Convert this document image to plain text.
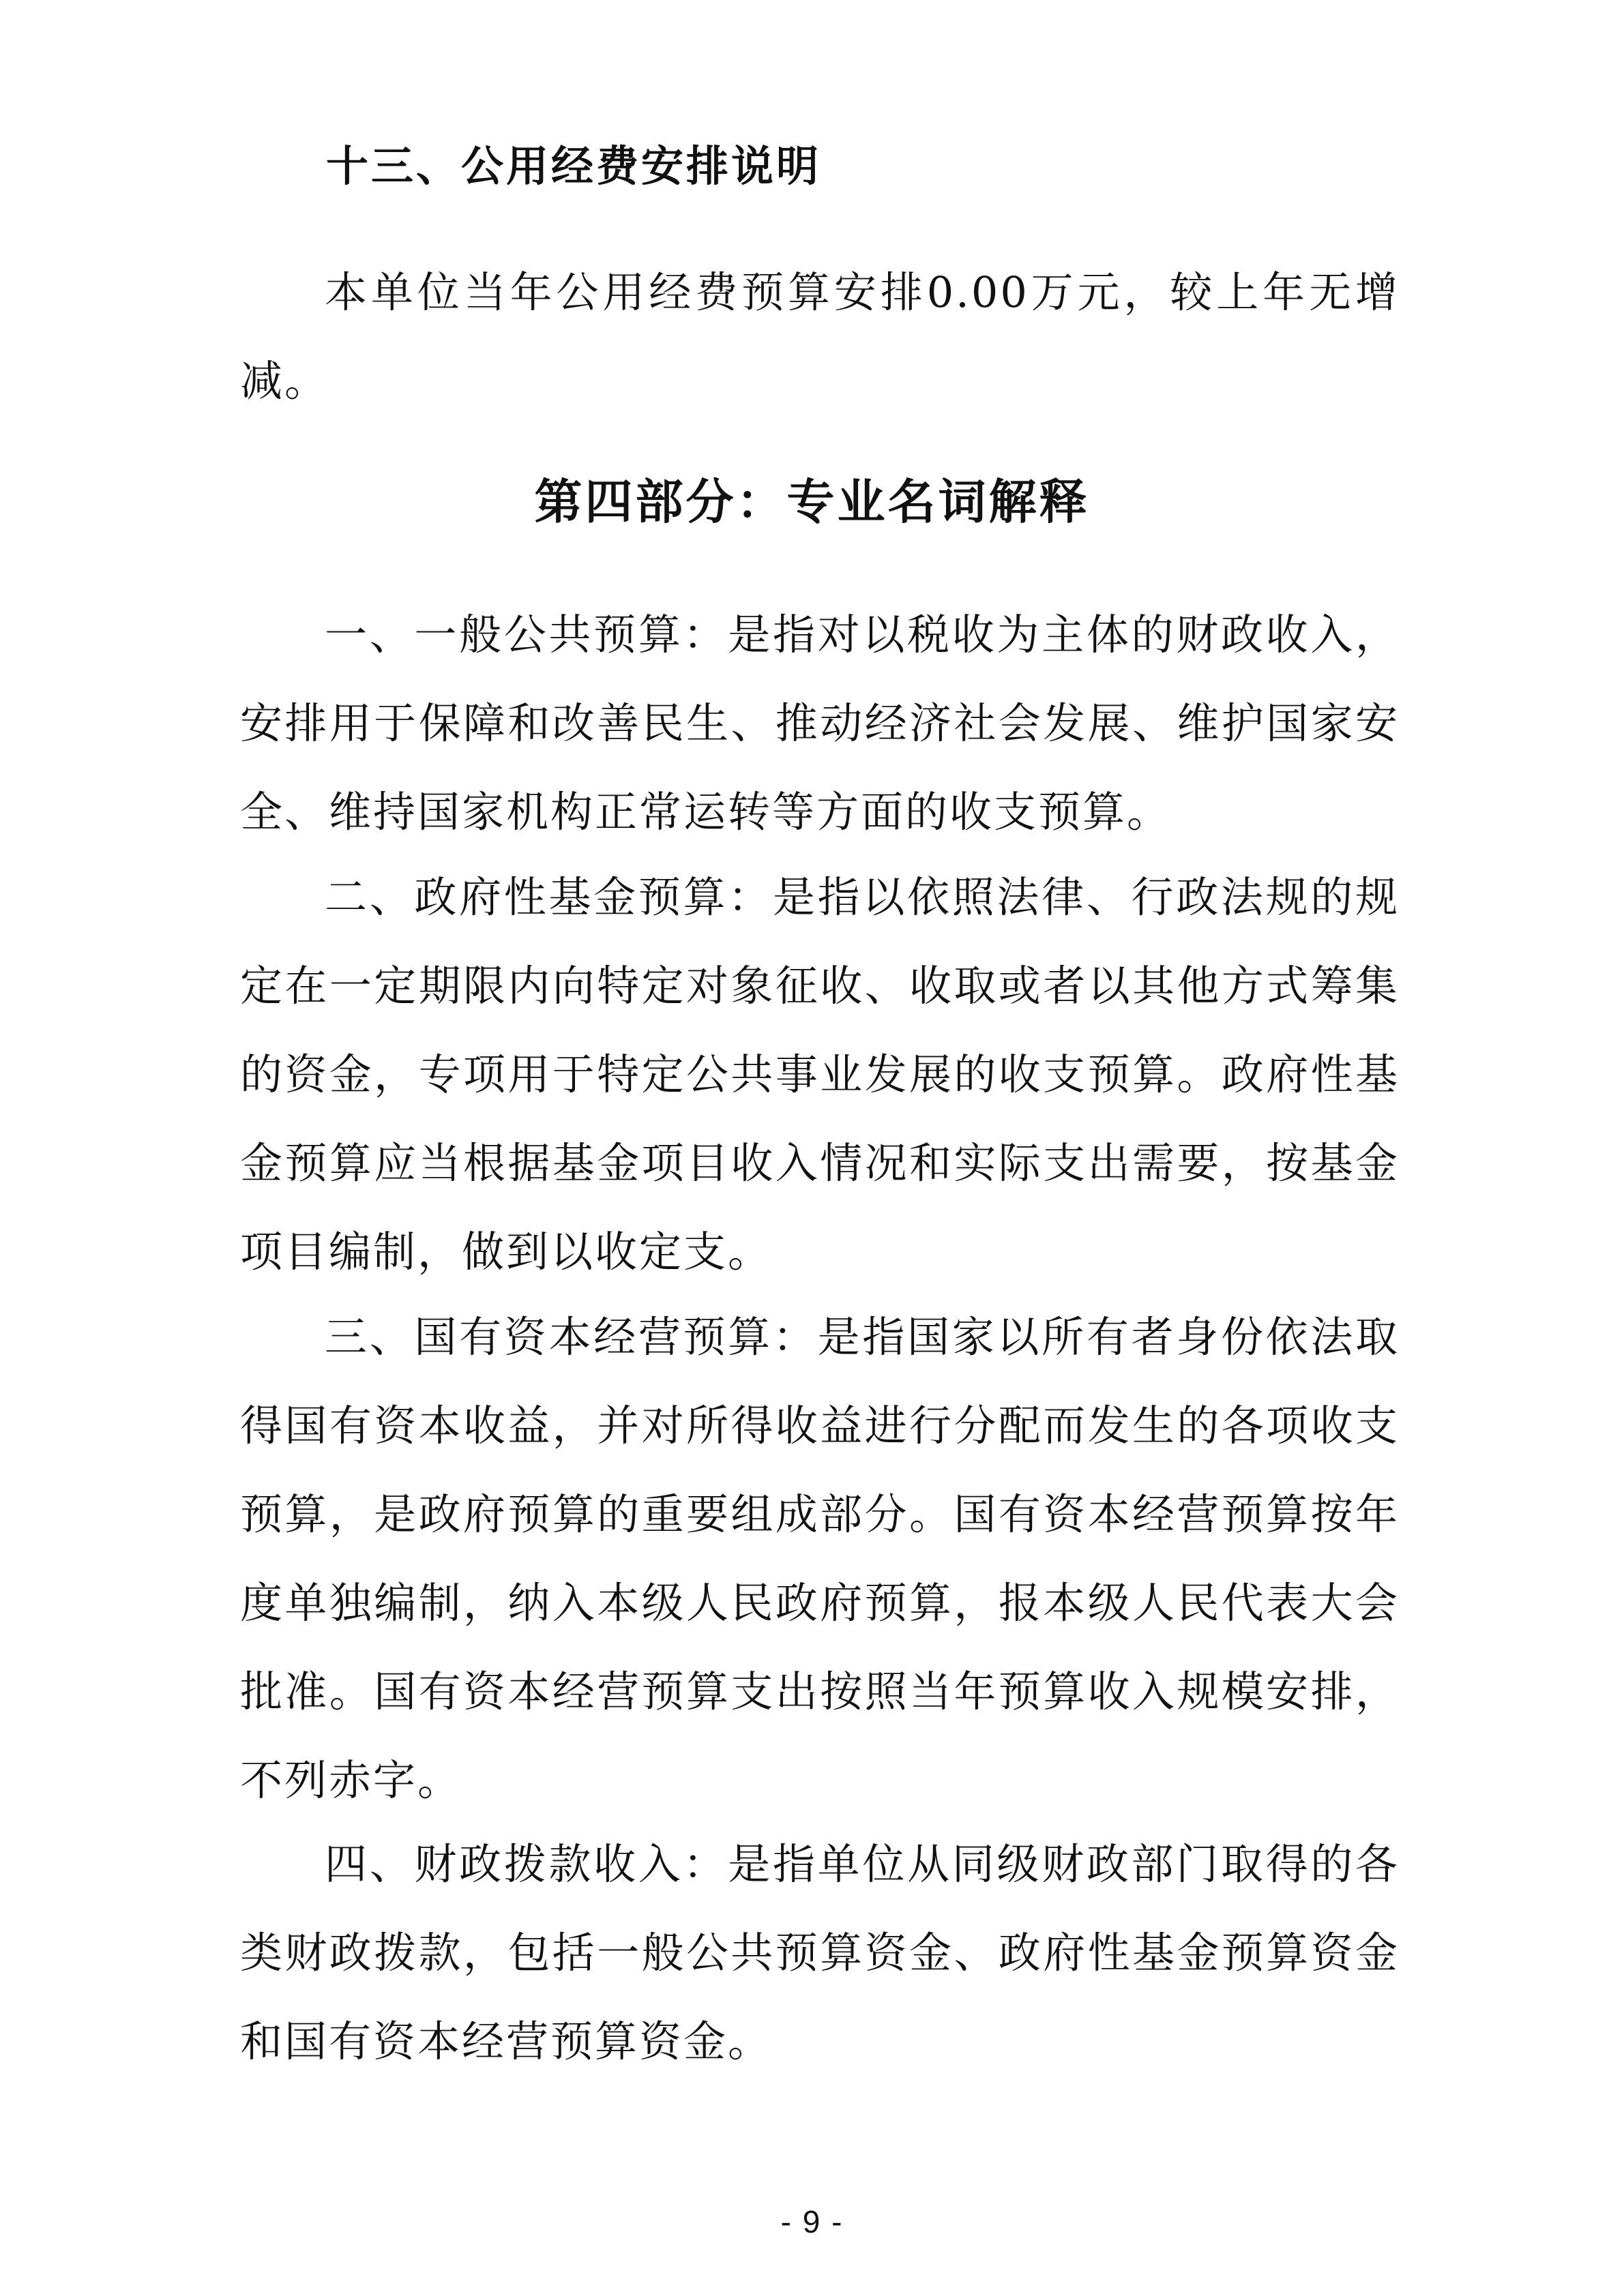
十三、公用经费安排说明

本单位当年公用经费预算安排0.00万元，较上年无增减。

第四部分：专业名词解释

一、一般公共预算：是指对以税收为主体的财政收入，安排用于保障和改善民生、推动经济社会发展、维护国家安全、维持国家机构正常运转等方面的收支预算。

二、政府性基金预算：是指以依照法律、行政法规的规定在一定期限内向特定对象征收、收取或者以其他方式筹集的资金，专项用于特定公共事业发展的收支预算。政府性基金预算应当根据基金项目收入情况和实际支出需要，按基金项目编制，做到以收定支。

三、国有资本经营预算：是指国家以所有者身份依法取得国有资本收益，并对所得收益进行分配而发生的各项收支预算，是政府预算的重要组成部分。国有资本经营预算按年度单独编制，纳入本级人民政府预算，报本级人民代表大会批准。国有资本经营预算支出按照当年预算收入规模安排，不列赤字。

四、财政拨款收入：是指单位从同级财政部门取得的各类财政拨款，包括一般公共预算资金、政府性基金预算资金和国有资本经营预算资金。

- 9 -
